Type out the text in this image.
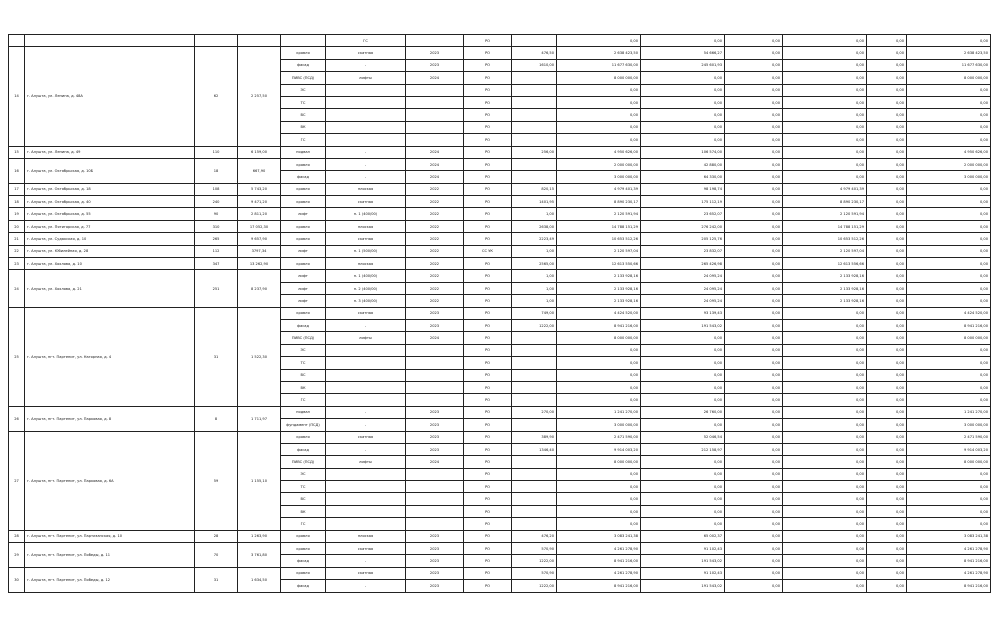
					ГС		РО		0,00	0,00	0,00	0,00	0,00	0,00
14	г. Алушта, ул. Ленина, д. 48А	62	2 257,50	кровля	скатная	2023	РО	476,50	2 638 423,50	54 666,27	0,00	0,00	0,00	2 638 423,50
				фасад	-	2023	РО	1610,00	11 677 630,00	245 601,93	0,00	0,00	0,00	11 677 630,00
				ПИВС (ПСД)	лифты	2024	РО		8 000 000,00	0,00	0,00	0,00	0,00	8 000 000,00
				ЭС			РО		0,00	0,00	0,00	0,00	0,00	0,00
				ТС			РО		0,00	0,00	0,00	0,00	0,00	0,00
				ВС			РО		0,00	0,00	0,00	0,00	0,00	0,00
				ВК			РО		0,00	0,00	0,00	0,00	0,00	0,00
				ГС			РО		0,00	0,00	0,00	0,00	0,00	0,00
15	г. Алушта, ул. Ленина, д. 49	110	6 159,00	подвал	-	2024	РО	256,00	4 950 626,00	106 574,00	0,00	0,00	0,00	4 950 626,00
16	г. Алушта, ул. Октябрьская, д. 10Б	18	667,90	кровля	-	2024	РО		2 000 000,00	42 880,00	0,00	0,00	0,00	2 000 000,00
				фасад	-	2024	РО		3 000 000,00	64 330,00	0,00	0,00	0,00	3 000 000,00
17	г. Алушта, ул. Октябрьская, д. 18	108	5 743,20	кровля	плоская	2022	РО	820,15	4 979 401,39	98 198,74	0,00	4 979 401,39	0,00	0,00
18	г. Алушта, ул. Октябрьская, д. 40	240	9 471,20	кровля	скатная	2022	РО	1401,95	8 890 230,17	175 112,19	0,00	8 890 230,17	0,00	0,00
19	г. Алушта, ул. Октябрьская, д. 55	90	2 811,20	лифт	п. 1 (400/00)	2022	РО	1,00	2 120 591,94	23 652,07	0,00	2 120 591,94	0,00	0,00
20	г. Алушта, ул. Пятигорская, д. 77	310	17 052,30	кровля	плоская	2022	РО	2638,00	14 788 151,29	276 242,00	0,00	14 788 151,29	0,00	0,00
21	г. Алушта, ул. Судакская, д. 10	265	9 657,90	кровля	скатная	2022	РО	2223,49	10 653 512,26	205 125,76	0,00	10 653 512,26	0,00	0,00
22	г. Алушта, ул. Юбилейная, д. 28	112	3797,34	лифт	п. 1 (500/00)	2022	СС УК	1,00	2 120 597,04	23 832,07	0,00	2 120 597,04	0,00	0,00
23	г. Алушта, ул. Хохлова, д. 10	347	13 262,90	кровля	плоская	2022	РО	2565,00	12 613 550,66	265 426,98	0,00	12 613 556,66	0,00	0,00
24	г. Алушта, ул. Хохлова, д. 21	251	8 237,90	лифт	п. 1 (400/00)	2022	РО	1,00	2 133 928,16	24 095,24	0,00	2 133 928,16	0,00	0,00
				лифт	п. 2 (400/00)	2022	РО	1,00	2 133 928,16	24 095,24	0,00	2 133 928,16	0,00	0,00
				лифт	п. 3 (400/00)	2022	РО	1,00	2 133 928,16	24 095,24	0,00	2 133 928,16	0,00	0,00
25	г. Алушта, пгт. Партенит, ул. Нагорная, д. 4	31	1 522,30	кровля	скатная	2023	РО	749,00	4 424 520,00	93 139,43	0,00	0,00	0,00	4 424 520,00
				фасад	-	2023	РО	1222,00	8 941 216,00	191 543,02	0,00	0,00	0,00	8 941 216,00
				ПИВС (ПСД)	лифты	2024	РО		8 000 000,00	0,00	0,00	0,00	0,00	8 000 000,00
				ЭС			РО		0,00	0,00	0,00	0,00	0,00	0,00
				ТС			РО		0,00	0,00	0,00	0,00	0,00	0,00
				ВС			РО		0,00	0,00	0,00	0,00	0,00	0,00
				ВК			РО		0,00	0,00	0,00	0,00	0,00	0,00
				ГС			РО		0,00	0,00	0,00	0,00	0,00	0,00
26	г. Алушта, пгт. Партенит, ул. Парковая, д. 8	8	1 711,97	подвал	-	2023	РО	270,00	1 241 270,00	26 760,00	0,00	0,00	0,00	1 241 270,00
				фундамент (ПСД)	-	2023	РО		3 000 000,00	0,00	0,00	0,00	0,00	3 000 000,00
27	г. Алушта, пгт. Партенит, ул. Парковая, д. 6А	59	1 155,10	кровля	скатная	2023	РО	389,90	2 471 590,00	52 046,54	0,00	0,00	0,00	2 471 590,00
				фасад	-	2023	РО	1346,40	9 914 003,20	212 158,97	0,00	0,00	0,00	9 914 003,20
				ПИВС (ПСД)	лифты	2024	РО		8 000 000,00	0,00	0,00	0,00	0,00	8 000 000,00
				ЭС			РО		0,00	0,00	0,00	0,00	0,00	0,00
				ТС			РО		0,00	0,00	0,00	0,00	0,00	0,00
				ВС			РО		0,00	0,00	0,00	0,00	0,00	0,00
				ВК			РО		0,00	0,00	0,00	0,00	0,00	0,00
				ГС			РО		0,00	0,00	0,00	0,00	0,00	0,00
28	г. Алушта, пгт. Партенит, ул. Партизанская, д. 10	28	1 263,90	кровля	плоская	2023	РО	476,20	3 083 241,38	65 002,37	0,00	0,00	0,00	3 083 241,38
29	г. Алушта, пгт. Партенит, ул. Победы, д. 11	70	3 761,80	кровля	скатная	2023	РО	570,90	4 261 278,90	91 102,43	0,00	0,00	0,00	4 261 278,90
				фасад	-	2023	РО	1222,00	8 941 216,00	191 543,02	0,00	0,00	0,00	8 941 216,00
30	г. Алушта, пгт. Партенит, ул. Победы, д. 12	31	1 634,50	кровля	скатная	2023	РО	570,90	4 261 278,90	91 102,43	0,00	0,00	0,00	4 261 278,90
				фасад	-	2023	РО	1222,00	8 941 216,00	191 543,02	0,00	0,00	0,00	8 941 216,00
